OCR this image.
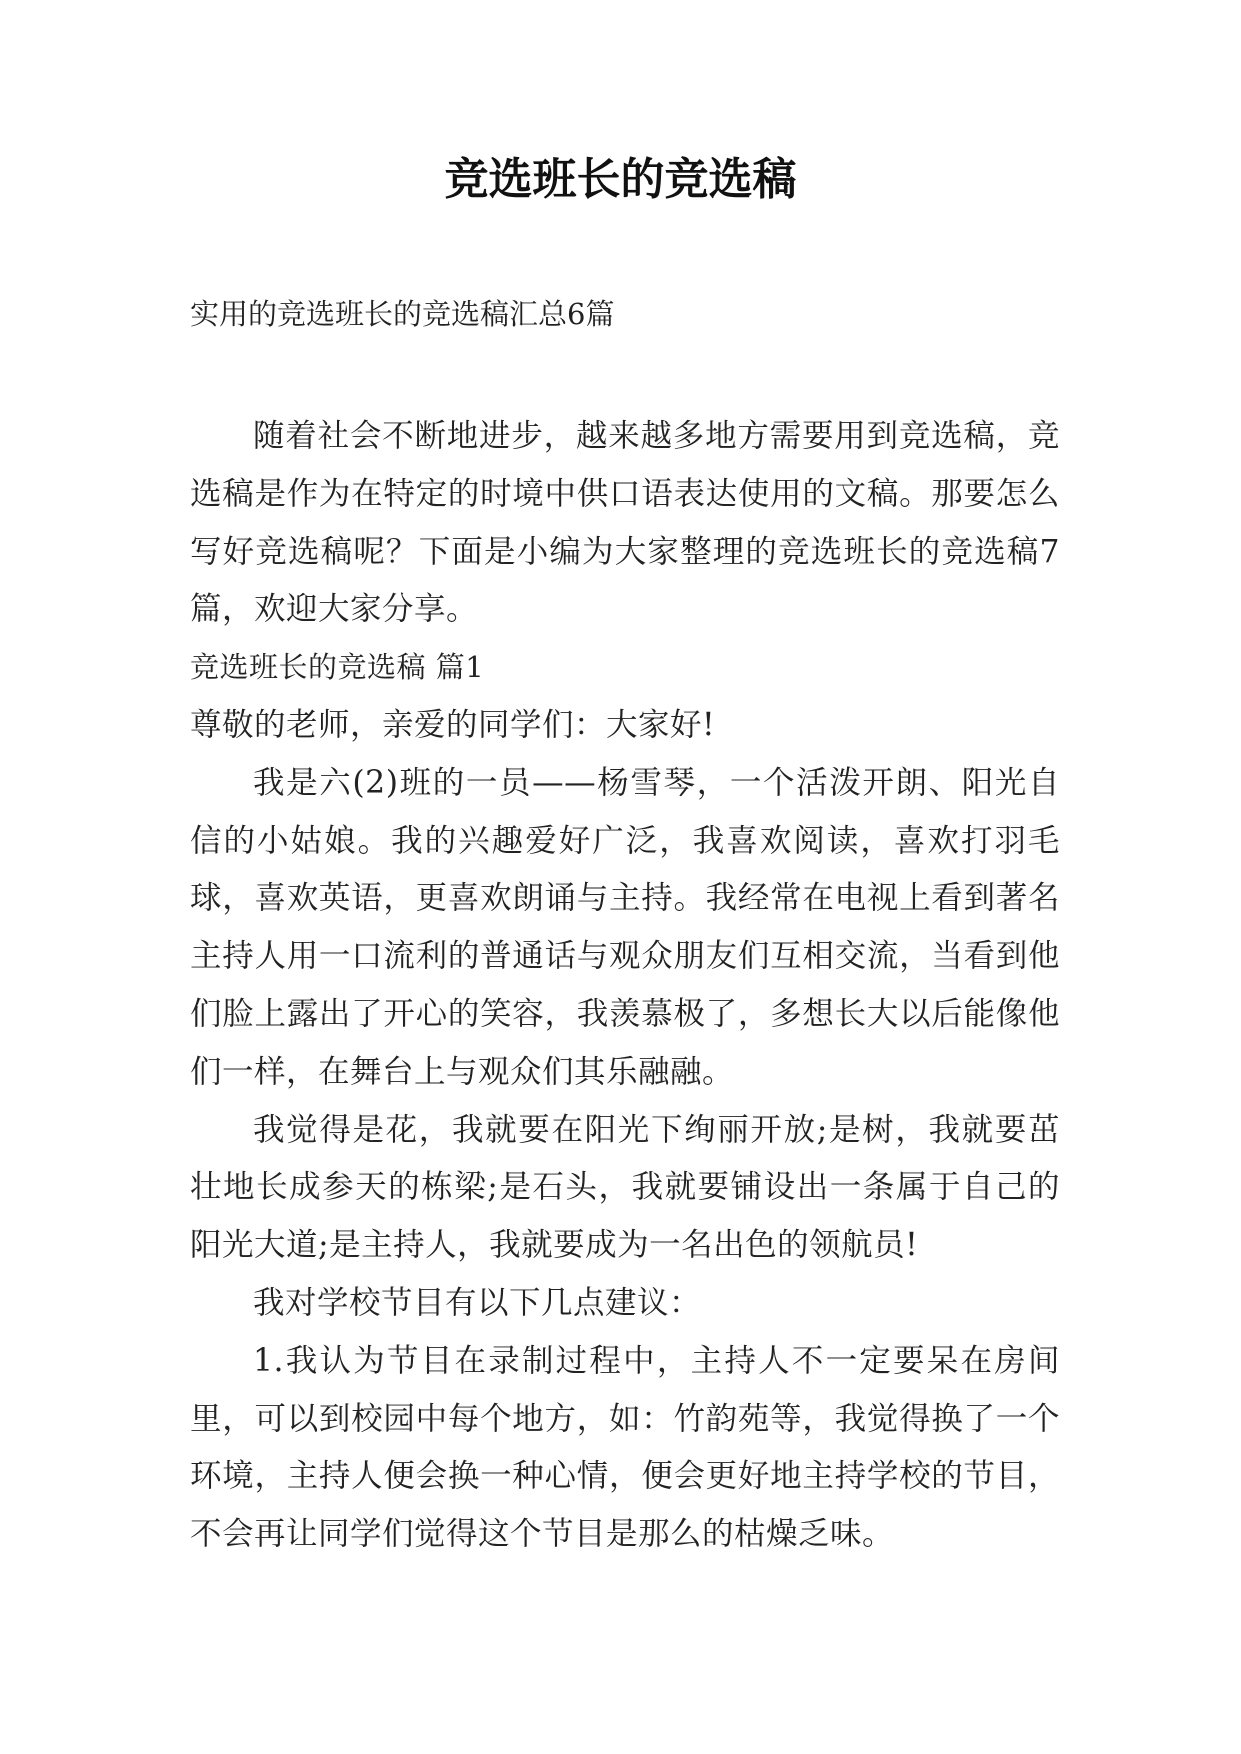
竞选班长的竞选稿

实用的竞选班长的竞选稿汇总6篇

随着社会不断地进步，越来越多地方需要用到竞选稿，竞选稿是作为在特定的时境中供口语表达使用的文稿。那要怎么写好竞选稿呢？下面是小编为大家整理的竞选班长的竞选稿7篇，欢迎大家分享。

竞选班长的竞选稿 篇1

尊敬的老师，亲爱的同学们：大家好!

我是六(2)班的一员——杨雪琴，一个活泼开朗、阳光自信的小姑娘。我的兴趣爱好广泛，我喜欢阅读，喜欢打羽毛球，喜欢英语，更喜欢朗诵与主持。我经常在电视上看到著名主持人用一口流利的普通话与观众朋友们互相交流，当看到他们脸上露出了开心的笑容，我羡慕极了，多想长大以后能像他们一样，在舞台上与观众们其乐融融。

我觉得是花，我就要在阳光下绚丽开放;是树，我就要茁壮地长成参天的栋梁;是石头，我就要铺设出一条属于自己的阳光大道;是主持人，我就要成为一名出色的领航员!

我对学校节目有以下几点建议：

1.我认为节目在录制过程中，主持人不一定要呆在房间里，可以到校园中每个地方，如：竹韵苑等，我觉得换了一个环境，主持人便会换一种心情，便会更好地主持学校的节目，不会再让同学们觉得这个节目是那么的枯燥乏味。
